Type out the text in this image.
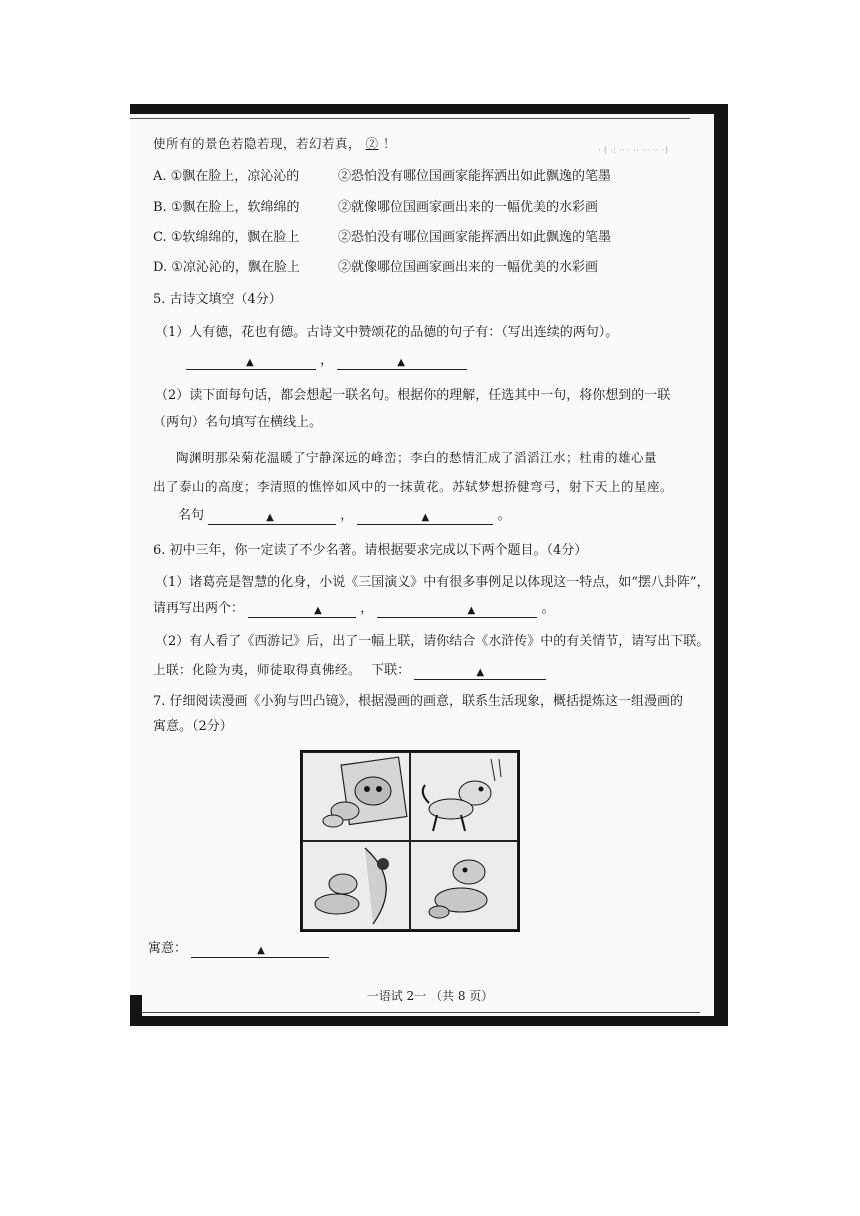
· ( ·: ·· · ·· ··· ·· ·)
使所有的景色若隐若现，若幻若真， ② ！
A. ①飘在脸上，凉沁沁的	②恐怕没有哪位国画家能挥洒出如此飘逸的笔墨
B. ①飘在脸上，软绵绵的	②就像哪位国画家画出来的一幅优美的水彩画
C. ①软绵绵的，飘在脸上	②恐怕没有哪位国画家能挥洒出如此飘逸的笔墨
D. ①凉沁沁的，飘在脸上	②就像哪位国画家画出来的一幅优美的水彩画
5. 古诗文填空（4分）
（1）人有德，花也有德。古诗文中赞颂花的品德的句子有：（写出连续的两句）。
▲	，	▲
（2）读下面每句话，都会想起一联名句。根据你的理解，任选其中一句，将你想到的一联
（两句）名句填写在横线上。
陶渊明那朵菊花温暖了宁静深远的峰峦；李白的愁情汇成了滔滔江水；杜甫的雄心量
出了泰山的高度；李清照的憔悴如风中的一抹黄花。苏轼梦想挢健弯弓，射下天上的星座。
名句	▲	，	▲	。
6. 初中三年，你一定读了不少名著。请根据要求完成以下两个题目。（4分）
（1）诸葛亮是智慧的化身，小说《三国演义》中有很多事例足以体现这一特点，如“摆八卦阵”，
请再写出两个：	▲	，	▲	。
（2）有人看了《西游记》后，出了一幅上联，请你结合《水浒传》中的有关情节，请写出下联。
上联：化险为夷，师徒取得真佛经。 下联：	▲
7. 仔细阅读漫画《小狗与凹凸镜》，根据漫画的画意，联系生活现象，概括提炼这一组漫画的
寓意。（2分）
寓意：	▲
一语试 2一 （共 8 页）
